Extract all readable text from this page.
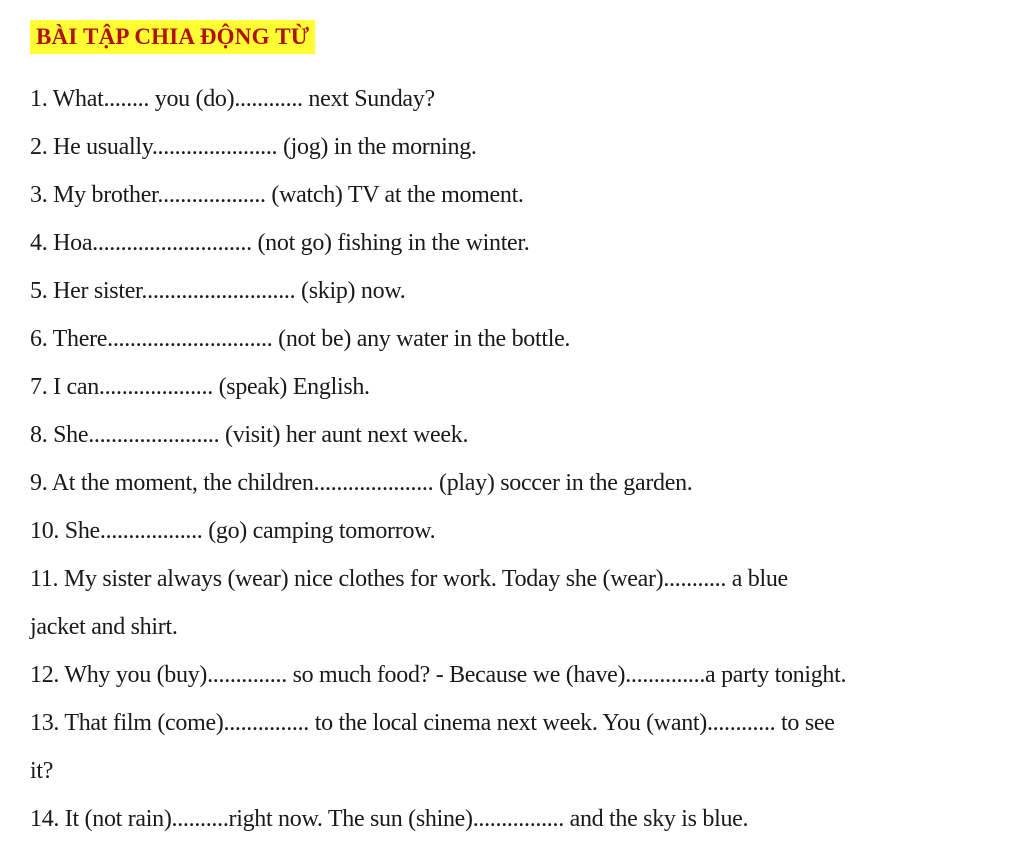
BÀI TẬP CHIA ĐỘNG TỪ
1. What........ you (do)............ next Sunday?
2. He usually...................... (jog) in the morning.
3. My brother................... (watch) TV at the moment.
4. Hoa............................ (not go) fishing in the winter.
5. Her sister........................... (skip) now.
6. There............................. (not be) any water in the bottle.
7. I can.................... (speak) English.
8. She....................... (visit) her aunt next week.
9. At the moment, the children..................... (play) soccer in the garden.
10. She.................. (go) camping tomorrow.
11. My sister always (wear) nice clothes for work. Today she (wear)........... a blue
jacket and shirt.
12. Why you (buy).............. so much food? - Because we (have)..............a party tonight.
13. That film (come)............... to the local cinema next week. You (want)............ to see
it?
14. It (not rain)..........right now. The sun (shine)................ and the sky is blue.
